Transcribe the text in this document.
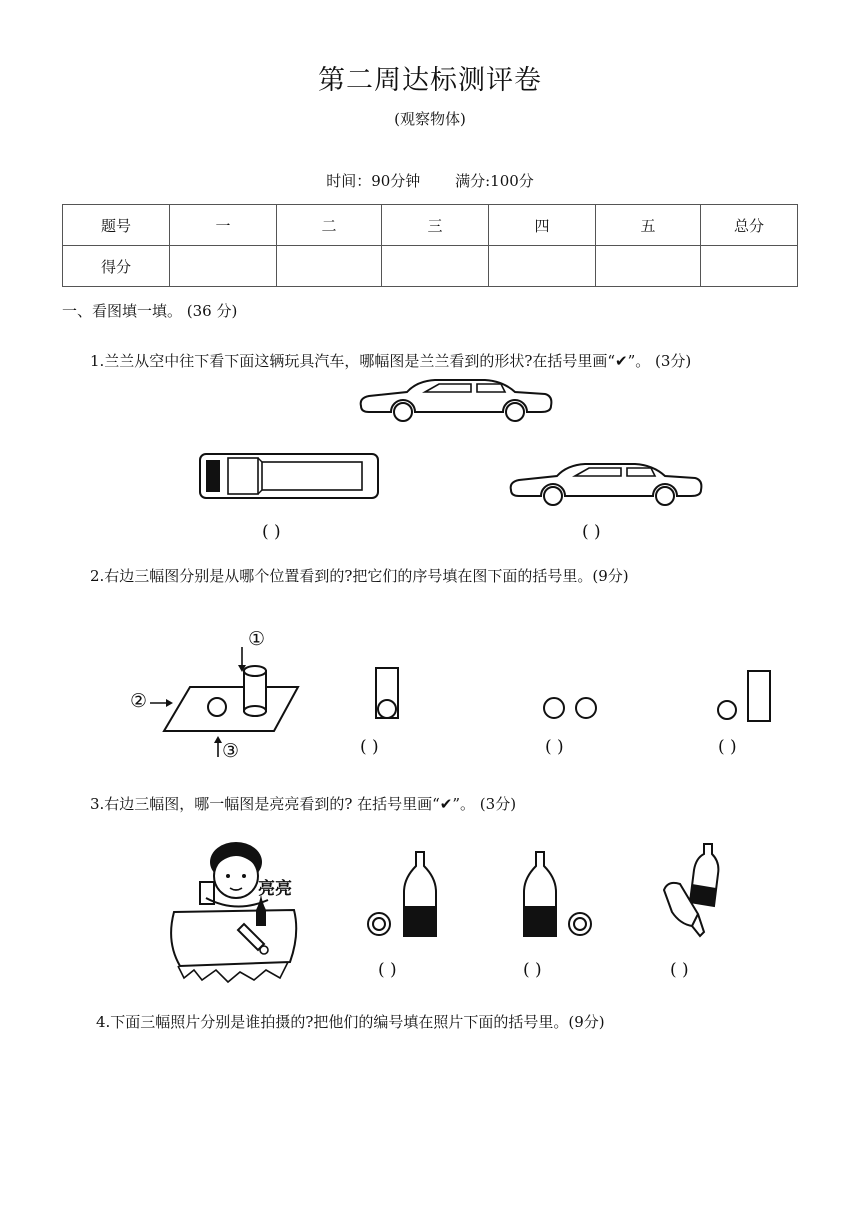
第二周达标测评卷
(观察物体)
时间：90分钟 满分:100分
题号	一	二	三	四	五	总分
得分						
一、看图填一填。 (36 分)
1.兰兰从空中往下看下面这辆玩具汽车，哪幅图是兰兰看到的形状?在括号里画“✔”。 (3分)
( )	( )
2.右边三幅图分别是从哪个位置看到的?把它们的序号填在图下面的括号里。(9分)
①
②
③	( )	( )	( )
3.右边三幅图，哪一幅图是亮亮看到的? 在括号里画“✔”。 (3分)
亮亮
( )	( )	( )
4.下面三幅照片分别是谁拍摄的?把他们的编号填在照片下面的括号里。(9分)
